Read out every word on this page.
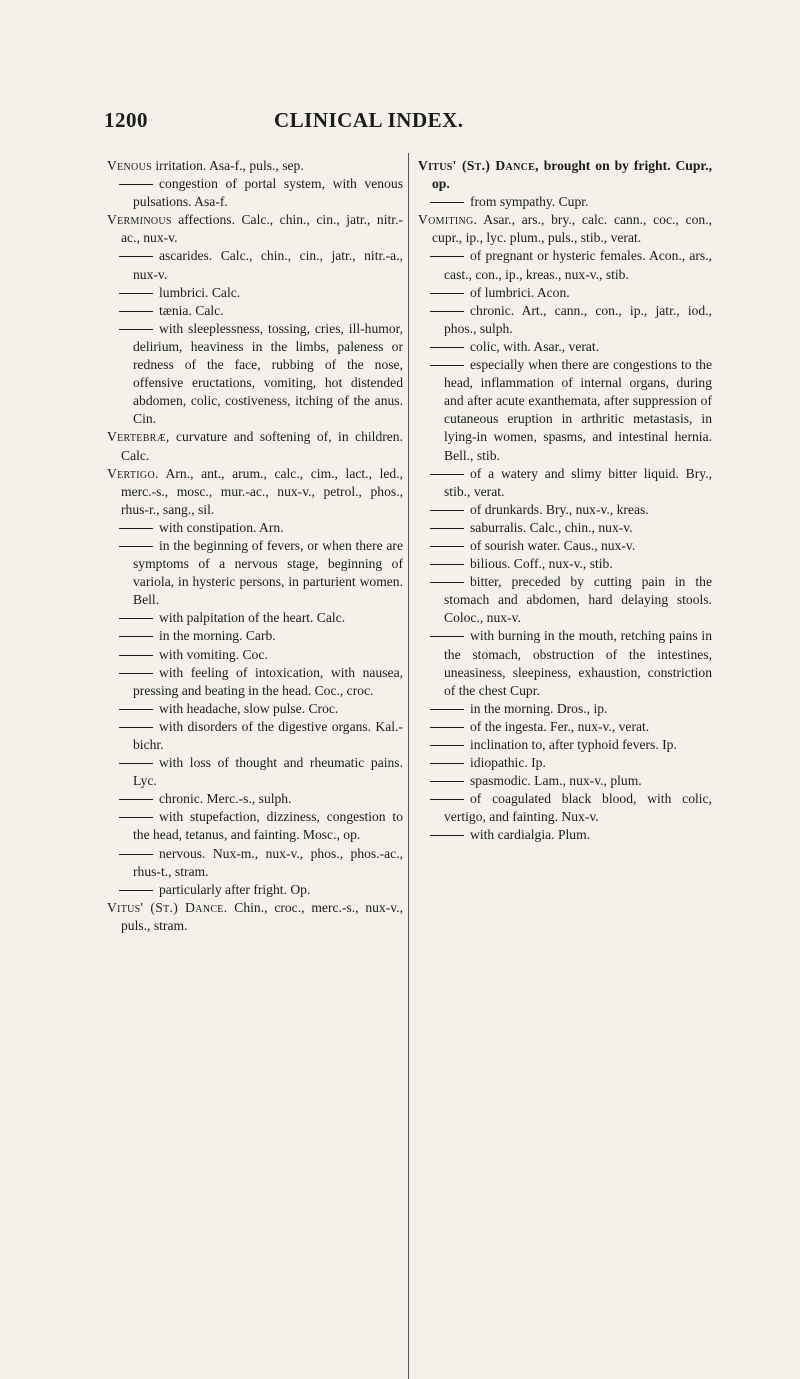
1200	CLINICAL INDEX.
Venous irritation. Asa-f., puls., sep.
congestion of portal system, with venous pulsations. Asa-f.
Verminous affections. Calc., chin., cin., jatr., nitr.-ac., nux-v.
ascarides. Calc., chin., cin., jatr., nitr.-a., nux-v.
lumbrici. Calc.
tænia. Calc.
with sleeplessness, tossing, cries, ill-humor, delirium, heaviness in the limbs, paleness or redness of the face, rubbing of the nose, offensive eructations, vomiting, hot distended abdomen, colic, costiveness, itching of the anus. Cin.
Vertebræ, curvature and softening of, in children. Calc.
Vertigo. Arn., ant., arum., calc., cim., lact., led., merc.-s., mosc., mur.-ac., nux-v., petrol., phos., rhus-r., sang., sil.
with constipation. Arn.
in the beginning of fevers, or when there are symptoms of a nervous stage, beginning of variola, in hysteric persons, in parturient women. Bell.
with palpitation of the heart. Calc.
in the morning. Carb.
with vomiting. Coc.
with feeling of intoxication, with nausea, pressing and beating in the head. Coc., croc.
with headache, slow pulse. Croc.
with disorders of the digestive organs. Kal.-bichr.
with loss of thought and rheumatic pains. Lyc.
chronic. Merc.-s., sulph.
with stupefaction, dizziness, congestion to the head, tetanus, and fainting. Mosc., op.
nervous. Nux-m., nux-v., phos., phos.-ac., rhus-t., stram.
particularly after fright. Op.
Vitus' (St.) Dance. Chin., croc., merc.-s., nux-v., puls., stram.
Vitus' (St.) Dance, brought on by fright. Cupr., op.
from sympathy. Cupr.
Vomiting. Asar., ars., bry., calc. cann., coc., con., cupr., ip., lyc. plum., puls., stib., verat.
of pregnant or hysteric females. Acon., ars., cast., con., ip., kreas., nux-v., stib.
of lumbrici. Acon.
chronic. Art., cann., con., ip., jatr., iod., phos., sulph.
colic, with. Asar., verat.
especially when there are congestions to the head, inflammation of internal organs, during and after acute exanthemata, after suppression of cutaneous eruption in arthritic metastasis, in lying-in women, spasms, and intestinal hernia. Bell., stib.
of a watery and slimy bitter liquid. Bry., stib., verat.
of drunkards. Bry., nux-v., kreas.
saburralis. Calc., chin., nux-v.
of sourish water. Caus., nux-v.
bilious. Coff., nux-v., stib.
bitter, preceded by cutting pain in the stomach and abdomen, hard delaying stools. Coloc., nux-v.
with burning in the mouth, retching pains in the stomach, obstruction of the intestines, uneasiness, sleepiness, exhaustion, constriction of the chest Cupr.
in the morning. Dros., ip.
of the ingesta. Fer., nux-v., verat.
inclination to, after typhoid fevers. Ip.
idiopathic. Ip.
spasmodic. Lam., nux-v., plum.
of coagulated black blood, with colic, vertigo, and fainting. Nux-v.
with cardialgia. Plum.
